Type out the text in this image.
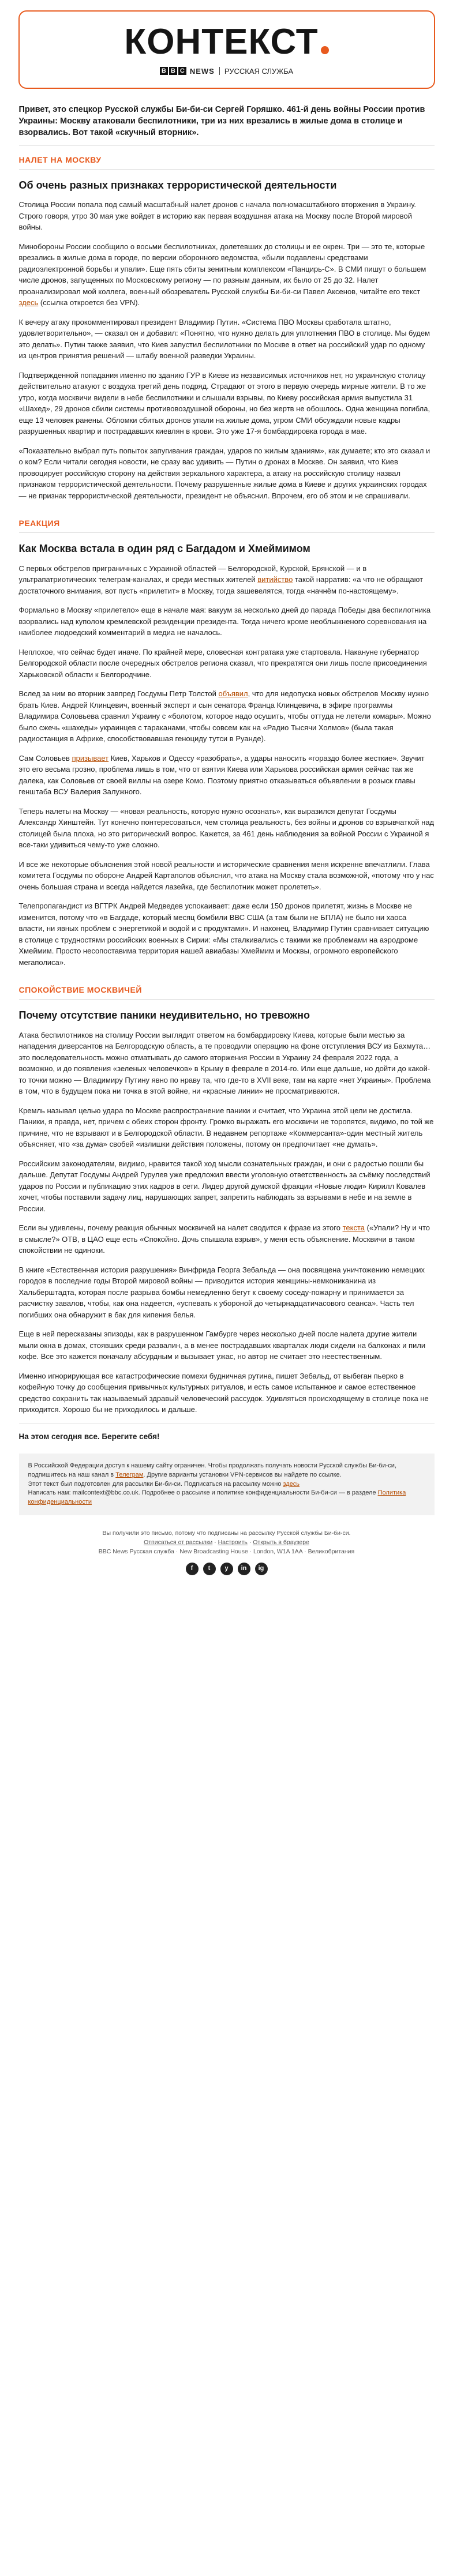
КОНТЕКСТ
B B C NEWS РУССКАЯ СЛУЖБА
Привет, это спецкор Русской службы Би-би-си Сергей Горяшко. 461-й день войны России против Украины: Москву атаковали беспилотники, три из них врезались в жилые дома в столице и взорвались. Вот такой «скучный вторник».
НАЛЕТ НА МОСКВУ
Об очень разных признаках террористической деятельности

Столица России попала под самый масштабный налет дронов с начала полномасштабного вторжения в Украину. Строго говоря, утро 30 мая уже войдет в историю как первая воздушная атака на Москву после Второй мировой войны.

Минобороны России сообщило о восьми беспилотниках, долетевших до столицы и ее окрен. Три — это те, которые врезались в жилые дома в городе, по версии оборонного ведомства, «были подавлены средствами радиоэлектронной борьбы и упали». Еще пять сбиты зенитным комплексом «Панцирь-С». В СМИ пишут о большем числе дронов, запущенных по Московскому региону — по разным данным, их было от 25 до 32. Налет проанализировал мой коллега, военный обозреватель Русской службы Би-би-си Павел Аксенов, читайте его текст здесь (ссылка откроется без VPN).

К вечеру атаку прокомментировал президент Владимир Путин. «Система ПВО Москвы сработала штатно, удовлетворительно», — сказал он и добавил: «Понятно, что нужно делать для уплотнения ПВО в столице. Мы будем это делать». Путин также заявил, что Киев запустил беспилотники по Москве в ответ на российский удар по одному из центров принятия решений — штабу военной разведки Украины.

Подтвержденной попадания именно по зданию ГУР в Киеве из независимых источников нет, но украинскую столицу действительно атакуют с воздуха третий день подряд. Страдают от этого в первую очередь мирные жители. В то же утро, когда москвичи видели в небе беспилотники и слышали взрывы, по Киеву российская армия выпустила 31 «Шахед», 29 дронов сбили системы противовоздушной обороны, но без жертв не обошлось. Одна женщина погибла, еще 13 человек ранены. Обломки сбитых дронов упали на жилые дома, угром СМИ обсуждали новые кадры разрушенных квартир и пострадавших киевлян в крови. Это уже 17-я бомбардировка города в мае.

«Показательно выбрал путь попыток запугивания граждан, ударов по жилым зданиям», как думаете; кто это сказал и о ком? Если читали сегодня новости, не сразу вас удивить — Путин о дронах в Москве. Он заявил, что Киев провоцирует российскую сторону на действия зеркального характера, а атаку на российскую столицу назвал признаком террористической деятельности. Почему разрушенные жилые дома в Киеве и других украинских городах — не признак террористической деятельности, президент не объяснил. Впрочем, его об этом и не спрашивали.

РЕАКЦИЯ
Как Москва встала в один ряд с Багдадом и Хмеймимом

С первых обстрелов приграничных с Украиной областей — Белгородской, Курской, Брянской — и в ультрапатриотических телеграм-каналах, и среди местных жителей витийство такой нарратив: «а что не обращают достаточного внимания, вот пусть «прилетит» в Москву, тогда зашевелятся, тогда «начнём по-настоящему».

Формально в Москву «прилетело» еще в начале мая: вакуум за несколько дней до парада Победы два беспилотника взорвались над куполом кремлевской резиденции президента. Тогда ничего кроме необлыжненого соревнования на наиболее людоедский комментарий в медиа не началось.

Неплохое, что сейчас будет иначе. По крайней мере, словесная контратака уже стартовала. Накануне губернатор Белгородской области после очередных обстрелов регионa сказал, что прекратятся они лишь после присоединения Харьковской области к Белгородчине.

Вслед за ним во вторник завпред Госдумы Петр Толстой объявил, что для недопуска новых обстрелов Москву нужно брать Киев. Андрей Клинцевич, военный эксперт и сын сенатора Франца Клинцевича, в эфире программы Владимира Соловьева сравнил Украину с «болотом, которое надо осушить, чтобы оттуда не летели комары». Можно было сжечь «шахеды» украинцев с тараканами, чтобы совсем как на «Радио Тысячи Холмов» (была такая радиостанция в Африке, способствовавшая геноциду тутси в Руанде).

Сам Соловьев призывает Киев, Харьков и Одессу «разобрать», а удары наносить «гораздо более жесткие». Звучит это его весьма грозно, проблема лишь в том, что от взятия Киева или Харькова российская армия сейчас так же далека, как Соловьев от своей виллы на озере Комо. Поэтому приятно отказываться объявлении в розыск главы генштаба ВСУ Валерия Залужного.

Теперь налеты на Москву — «новая реальность, которую нужно осознать», как выразился депутат Госдумы Александр Хинштейн. Тут конечно понтересоваться, чем столица реальность, без войны и дронов со взрывчаткой над столицей была плоха, но это риторический вопрос. Кажется, за 461 день наблюдения за войной России с Украиной я все-таки удивиться чему-то уже сложно.

И все же некоторые объяснения этой новой реальности и исторические сравнения меня искренне впечатлили. Глава комитета Госдумы по обороне Андрей Картаполов объяснил, что атака на Москву стала возможной, «потому что у нас очень большая страна и всегда найдется лазейка, где беспилотник может пролететь».

Телепропагандист из ВГТРК Андрей Медведев успокаивает: даже если 150 дронов прилетят, жизнь в Москве не изменится, потому что «в Багдаде, который месяц бомбили ВВС США (а там были не БПЛА) не было ни хаоса власти, ни явных проблем с энергетикой и водой и с продуктами». И наконец, Владимир Путин сравнивает ситуацию в столице с трудностями российских военных в Сирии: «Мы сталкивались с такими же проблемами на аэродроме Хмеймим. Просто несопоставима территория нашей авиабазы Хмеймим и Москвы, огромного европейского мегаполиса».

СПОКОЙСТВИЕ МОСКВИЧЕЙ
Почему отсутствие паники неудивительно, но тревожно

Атака беспилотников на столицу России выглядит ответом на бомбардировку Киева, которые были местью за нападения диверсантов на Белгородскую область, а те проводили операцию на фоне отступления ВСУ из Бахмута… это последовательность можно отматывать до самого вторжения России в Украину 24 февраля 2022 года, а возможно, и до появления «зеленых человечков» в Крыму в феврале в 2014-го. Или еще дальше, но дойти до какой-то точки можно — Владимиру Путину явно по нраву та, что где-то в XVII веке, там на карте «нет Украины». Проблема в том, что в будущем пока ни точка в этой войне, ни «красные линии» не просматриваются.

Кремль называл целью удара по Москве распространение паники и считает, что Украина этой цели не достигла. Паники, я правда, нет, причем с обеих сторон фронту. Громко выражать его москвичи не торопятся, видимо, по той же причине, что не взрывают и в Белгородской области. В недавнем репортаже «Коммерсанта»-один местный житель объясняет, что «за дума» свобей «излишки действия положены, потому он предпочитает «не думать».

Российским законодателям, видимо, нравится такой ход мысли сознательных граждан, и они с радостью пошли бы дальше. Депутат Госдумы Андрей Гурулев уже предложил ввести уголовную ответственность за съёмку последствий ударов по России и публикацию этих кадров в сети. Лидер другой думской фракции «Новые люди» Кирилл Ковалев хочет, чтобы поставили задачу лиц, нарушающих запрет, запретить наблюдать за взрывами в небе и на земле в России.

Если вы удивлены, почему реакция обычных москвичей на налет сводится к фразе из этого текста («Упали? Ну и что в смысле?» ОТВ, в ЦАО еще есть «Спокойно. Дочь спышала взрыв», у меня есть объяснение. Москвичи в таком спокойствии не одиноки.

В книге «Естественная история разрушения» Винфрида Георга Зебальда — она посвящена уничтожению немецких городов в последние годы Второй мировой войны — приводится история женщины-немкониканина из Хальберштадта, которая после разрыва бомбы немедленно бегут к своему соседу-пожарну и принимается за расчистку завалов, чтобы, как она надеется, «успевать к убороной до четырнадцатичасового сеанса». Часть тел погибших она обнаружит в бак для кипения белья.

Еще в ней пересказаны эпизоды, как в разрушенном Гамбурге через несколько дней после налета другие жители мыли окна в домах, стоявших среди развалин, а в менее пострадавших кварталах люди сидели на балконах и пили кофе. Все это кажется поначалу абсурдным и вызывает ужас, но автор не считает это неестественным.

Именно игнорирующая все катастрофические помехи будничная рутина, пишет Зебальд, от выбеган пьерко в кофейную точку до сообщения привычных культурных ритуалов, и есть самое испытанное и самое естественное средство сохранить так называемый здравый человеческий рассудок. Удивляться происходящему в столице пока не приходится. Хорошо бы не приходилось и дальше.

На этом сегодня все. Берегите себя!
В Российской Федерации доступ к нашему сайту ограничен. Чтобы продолжать получать новости Русской службы Би-би-си, подпишитесь на наш канал в Телеграм. Другие варианты установки VPN-сервисов вы найдете по ссылке.
Этот текст был подготовлен для рассылки Би-би-си. Подписаться на рассылку можно здесь
Написать нам: mailcontext@bbc.co.uk. Подробнее о рассылке и политике конфиденциальности Би-би-си — в разделе Политика конфиденциальности
Вы получили это письмо, потому что подписаны на рассылку Русской службы Би-би-си.
Отписаться от рассылки · Настроить · Открыть в браузере
BBC News Русская служба · New Broadcasting House · London, W1A 1AA · Великобритания
f	t	y	in	ig
